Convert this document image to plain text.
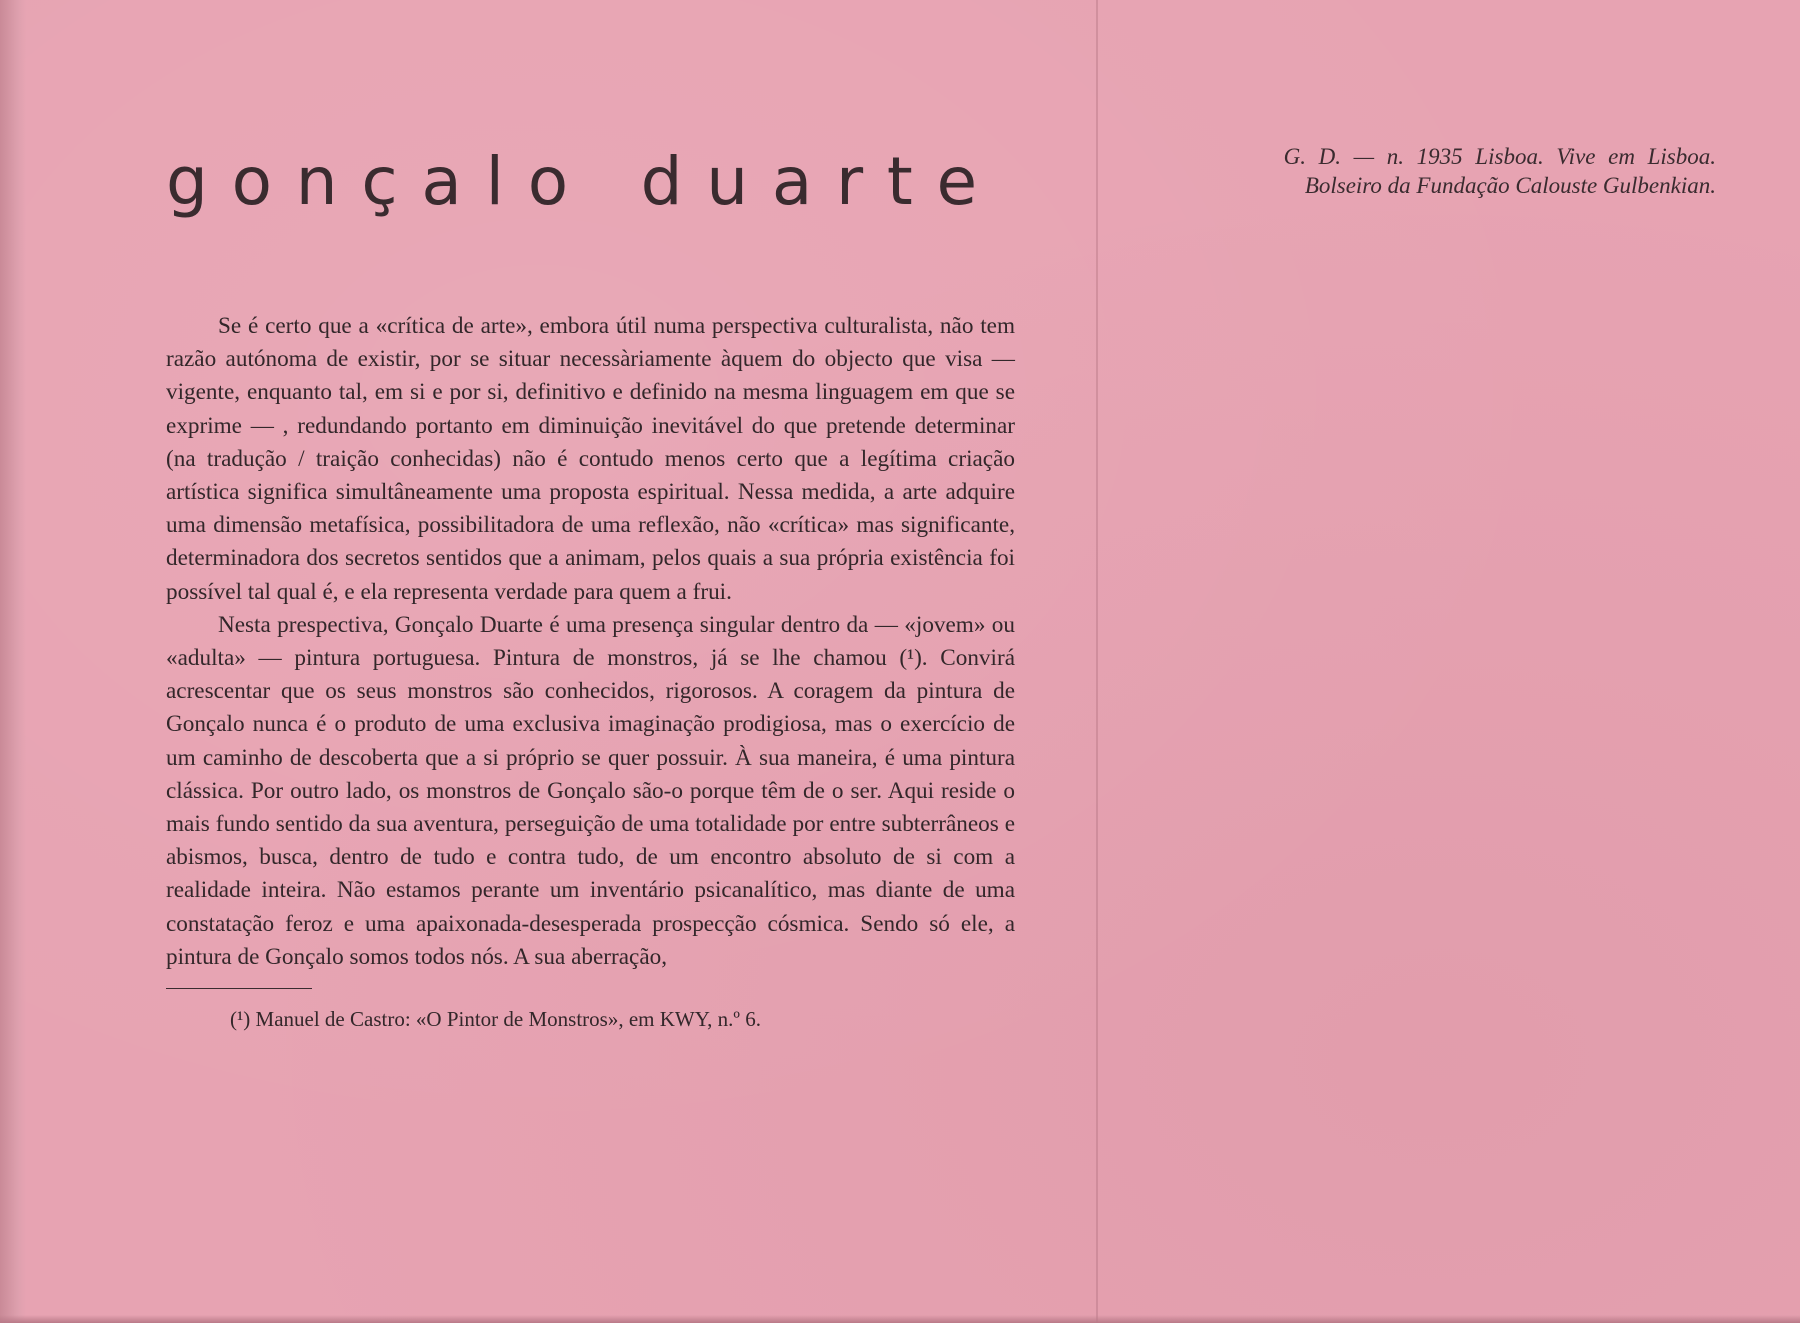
gonçalo duarte

Se é certo que a «crítica de arte», embora útil numa perspectiva culturalista, não tem razão autónoma de existir, por se situar necessàriamente àquem do objecto que visa — vigente, enquanto tal, em si e por si, definitivo e definido na mesma linguagem em que se exprime — , redundando portanto em diminuição inevitável do que pretende determinar (na tradução / traição conhecidas) não é contudo menos certo que a legítima criação artística significa simultâneamente uma proposta espiritual. Nessa medida, a arte adquire uma dimensão metafísica, possibilitadora de uma reflexão, não «crítica» mas significante, determinadora dos secretos sentidos que a animam, pelos quais a sua própria existência foi possível tal qual é, e ela representa verdade para quem a frui.

Nesta prespectiva, Gonçalo Duarte é uma presença singular dentro da — «jovem» ou «adulta» — pintura portuguesa. Pintura de monstros, já se lhe chamou (¹). Convirá acrescentar que os seus monstros são conhecidos, rigorosos. A coragem da pintura de Gonçalo nunca é o produto de uma exclusiva imaginação prodigiosa, mas o exercício de um caminho de descoberta que a si próprio se quer possuir. À sua maneira, é uma pintura clássica. Por outro lado, os monstros de Gonçalo são-o porque têm de o ser. Aqui reside o mais fundo sentido da sua aventura, perseguição de uma totalidade por entre subterrâneos e abismos, busca, dentro de tudo e contra tudo, de um encontro absoluto de si com a realidade inteira. Não estamos perante um inventário psicanalítico, mas diante de uma constatação feroz e uma apaixonada-desesperada prospecção cósmica. Sendo só ele, a pintura de Gonçalo somos todos nós. A sua aberração,

(¹) Manuel de Castro: «O Pintor de Monstros», em KWY, n.º 6.
G. D. — n. 1935 Lisboa. Vive em Lisboa.
Bolseiro da Fundação Calouste Gulbenkian.
